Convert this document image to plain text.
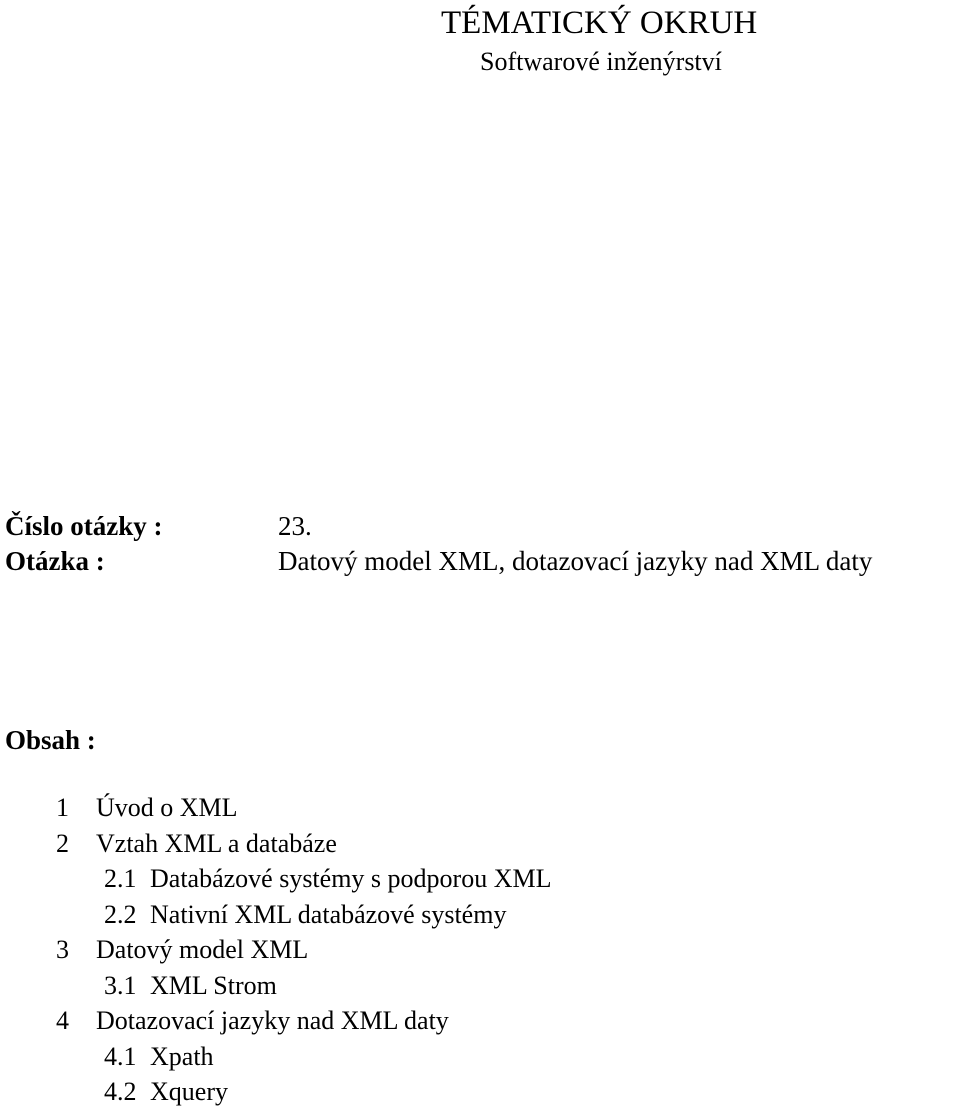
TÉMATICKÝ OKRUH
Softwarové inženýrství
Číslo otázky :	23.
Otázka :	Datový model XML, dotazovací jazyky nad XML daty
Obsah :
1 Úvod o XML
2 Vztah XML a databáze
2.1 Databázové systémy s podporou XML
2.2 Nativní XML databázové systémy
3 Datový model XML
3.1 XML Strom
4 Dotazovací jazyky nad XML daty
4.1 Xpath
4.2 Xquery
